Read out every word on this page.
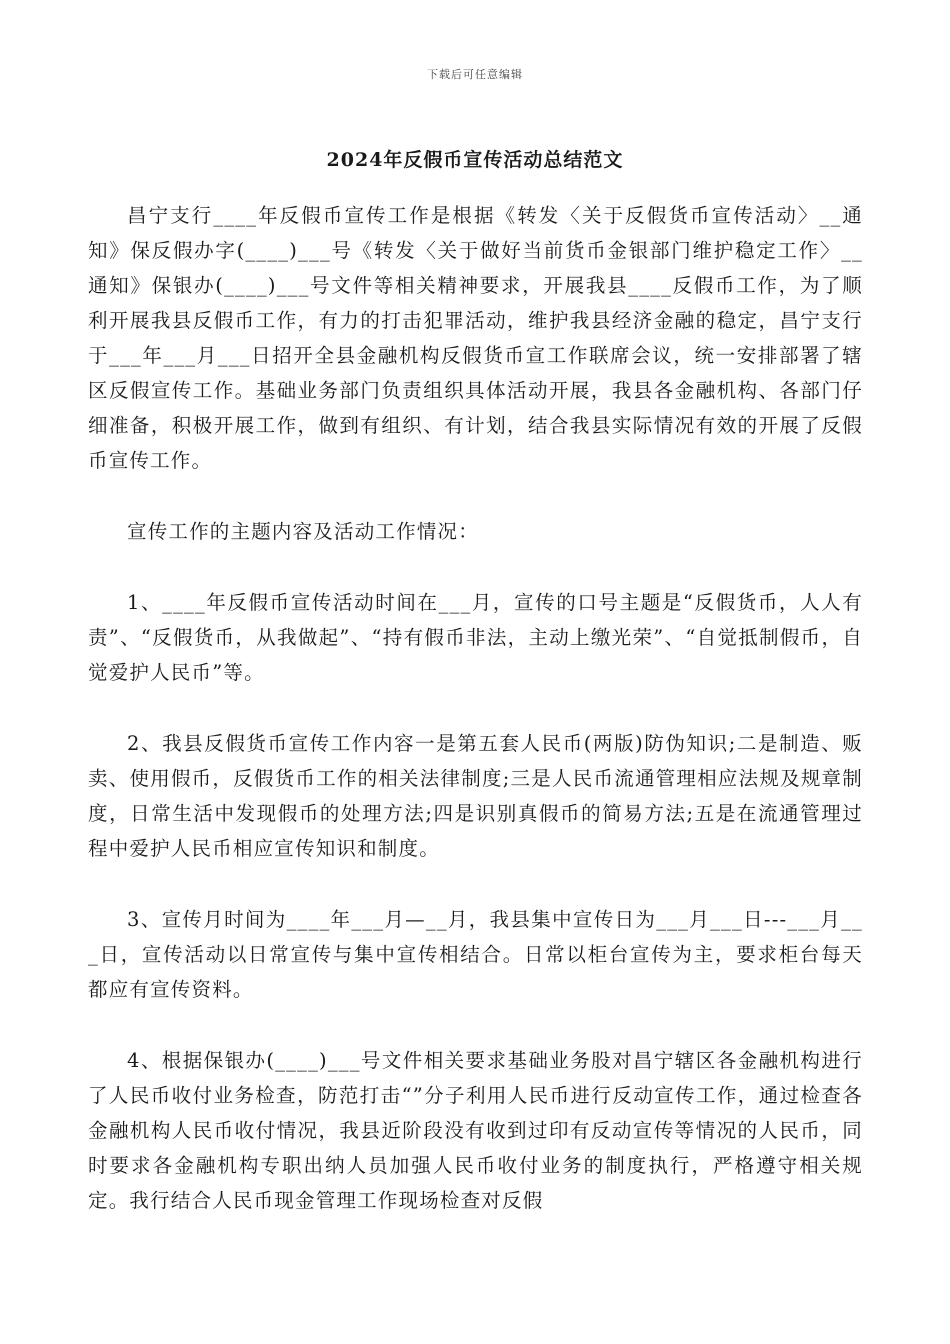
下载后可任意编辑
2024年反假币宣传活动总结范文

昌宁支行____年反假币宣传工作是根据《转发〈关于反假货币宣传活动〉__通知》保反假办字(____)___号《转发〈关于做好当前货币金银部门维护稳定工作〉__通知》保银办(____)___号文件等相关精神要求，开展我县____反假币工作，为了顺利开展我县反假币工作，有力的打击犯罪活动，维护我县经济金融的稳定，昌宁支行于___年___月___日招开全县金融机构反假货币宣工作联席会议，统一安排部署了辖区反假宣传工作。基础业务部门负责组织具体活动开展，我县各金融机构、各部门仔细准备，积极开展工作，做到有组织、有计划，结合我县实际情况有效的开展了反假币宣传工作。

宣传工作的主题内容及活动工作情况：

1、____年反假币宣传活动时间在___月，宣传的口号主题是“反假货币，人人有责”、“反假货币，从我做起”、“持有假币非法，主动上缴光荣”、“自觉抵制假币，自觉爱护人民币”等。

2、我县反假货币宣传工作内容一是第五套人民币(两版)防伪知识;二是制造、贩卖、使用假币，反假货币工作的相关法律制度;三是人民币流通管理相应法规及规章制度，日常生活中发现假币的处理方法;四是识别真假币的简易方法;五是在流通管理过程中爱护人民币相应宣传知识和制度。

3、宣传月时间为____年___月—__月，我县集中宣传日为___月___日---___月___日，宣传活动以日常宣传与集中宣传相结合。日常以柜台宣传为主，要求柜台每天都应有宣传资料。

4、根据保银办(____)___号文件相关要求基础业务股对昌宁辖区各金融机构进行了人民币收付业务检查，防范打击“”分子利用人民币进行反动宣传工作，通过检查各金融机构人民币收付情况，我县近阶段没有收到过印有反动宣传等情况的人民币，同时要求各金融机构专职出纳人员加强人民币收付业务的制度执行，严格遵守相关规定。我行结合人民币现金管理工作现场检查对反假
